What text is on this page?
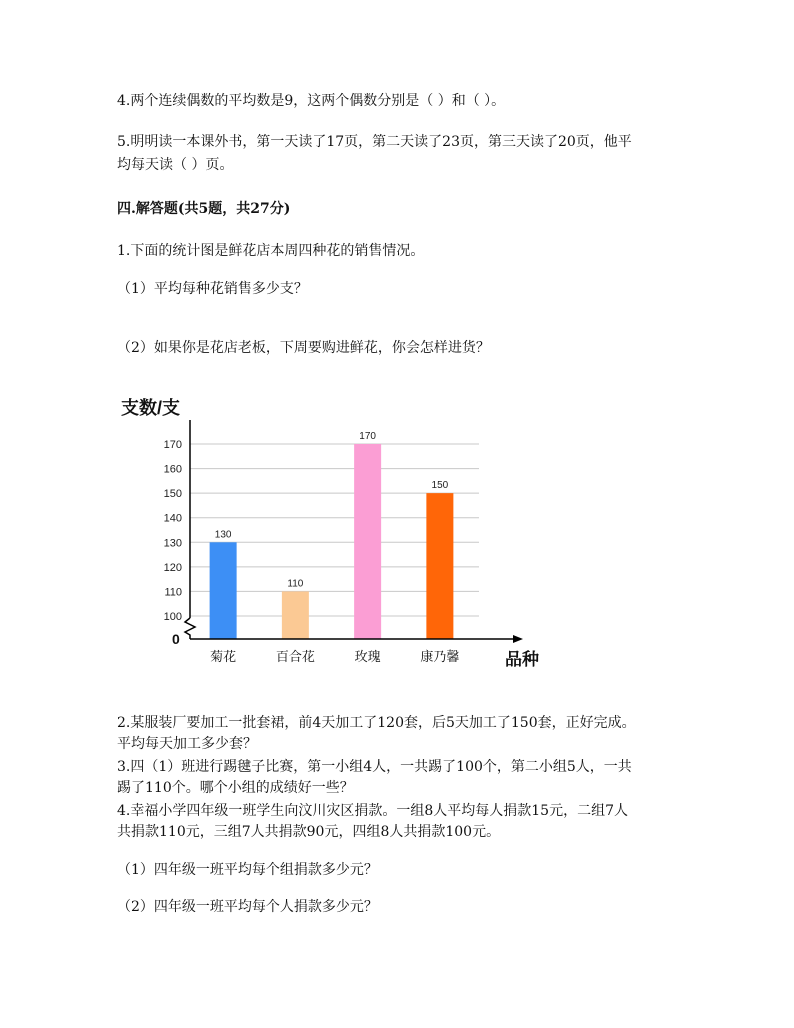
4.两个连续偶数的平均数是9，这两个偶数分别是（ ）和（ ）。
5.明明读一本课外书，第一天读了17页，第二天读了23页，第三天读了20页，他平
均每天读（ ）页。
四.解答题(共5题，共27分)
1.下面的统计图是鲜花店本周四种花的销售情况。
（1）平均每种花销售多少支？
（2）如果你是花店老板，下周要购进鲜花，你会怎样进货？
支数/支
100
110
120
130
140
150
160
170
130
110
170
150
菊花	百合花	玫瑰	康乃馨
0
品种
2.某服装厂要加工一批套裙，前4天加工了120套，后5天加工了150套，正好完成。
平均每天加工多少套？
3.四（1）班进行踢毽子比赛，第一小组4人，一共踢了100个，第二小组5人，一共
踢了110个。哪个小组的成绩好一些？
4.幸福小学四年级一班学生向汶川灾区捐款。一组8人平均每人捐款15元，二组7人
共捐款110元，三组7人共捐款90元，四组8人共捐款100元。
（1）四年级一班平均每个组捐款多少元？
（2）四年级一班平均每个人捐款多少元？
